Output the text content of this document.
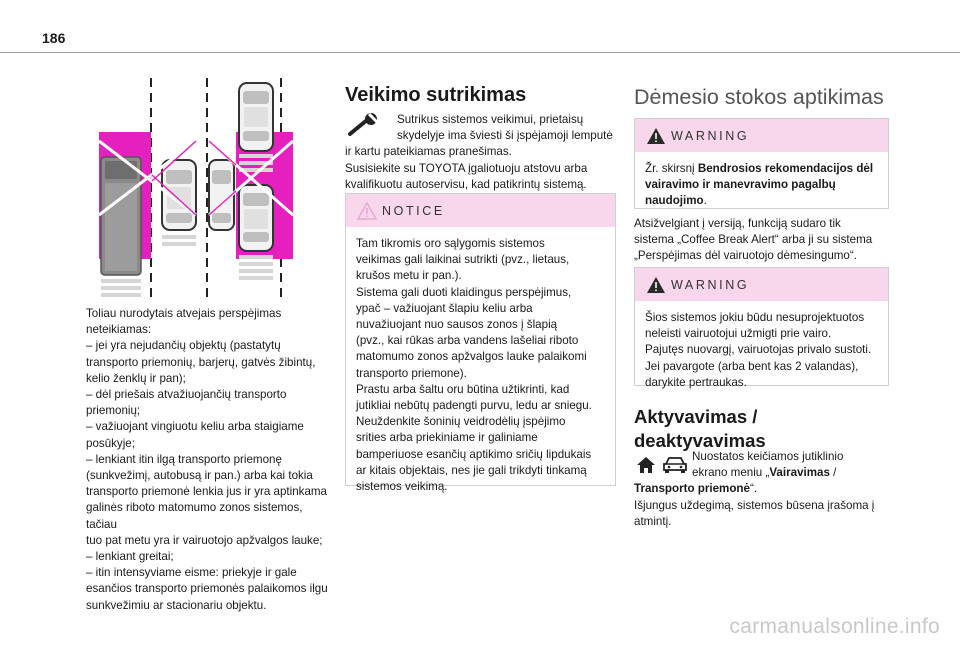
186

Toliau nurodytais atvejais perspėjimas

neteikiamas:

– jei yra nejudančių objektų (pastatytų

transporto priemonių, barjerų, gatvės žibintų,

kelio ženklų ir pan);

– dėl priešais atvažiuojančių transporto

priemonių;

– važiuojant vingiuotu keliu arba staigiame

posūkyje;

– lenkiant itin ilgą transporto priemonę

(sunkvežimį, autobusą ir pan.) arba kai tokia

transporto priemonė lenkia jus ir yra aptinkama

galinės riboto matomumo zonos sistemos, tačiau

tuo pat metu yra ir vairuotojo apžvalgos lauke;

– lenkiant greitai;

– itin intensyviame eisme: priekyje ir gale

esančios transporto priemonės palaikomos ilgu

sunkvežimiu ar stacionariu objektu.

Veikimo sutrikimas

Sutrikus sistemos veikimui, prietaisų

skydelyje ima šviesti ši įspėjamoji lemputė

ir kartu pateikiamas pranešimas.

Susisiekite su TOYOTA įgaliotuoju atstovu arba

kvalifikuotu autoservisu, kad patikrintų sistemą.

NOTICE

Tam tikromis oro sąlygomis sistemos

veikimas gali laikinai sutrikti (pvz., lietaus,

krušos metu ir pan.).

Sistema gali duoti klaidingus perspėjimus,

ypač – važiuojant šlapiu keliu arba

nuvažiuojant nuo sausos zonos į šlapią

(pvz., kai rūkas arba vandens lašeliai riboto

matomumo zonos apžvalgos lauke palaikomi

transporto priemone).

Prastu arba šaltu oru būtina užtikrinti, kad

jutikliai nebūtų padengti purvu, ledu ar sniegu.

Neuždenkite šoninių veidrodėlių įspėjimo

srities arba priekiniame ir galiniame

bamperiuose esančių aptikimo sričių lipdukais

ar kitais objektais, nes jie gali trikdyti tinkamą

sistemos veikimą.

Dėmesio stokos aptikimas
WARNING

Žr. skirsnį Bendrosios rekomendacijos dėl

vairavimo ir manevravimo pagalbų

naudojimo.

Atsižvelgiant į versiją, funkciją sudaro tik

sistema „Coffee Break Alert“ arba ji su sistema

„Perspėjimas dėl vairuotojo dėmesingumo“.

WARNING

Šios sistemos jokiu būdu nesuprojektuotos

neleisti vairuotojui užmigti prie vairo.

Pajutęs nuovargį, vairuotojas privalo sustoti.

Jei pavargote (arba bent kas 2 valandas),

darykite pertraukas.

Aktyvavimas /
deaktyvavimas

Nuostatos keičiamos jutiklinio

ekrano meniu „Vairavimas /

Transporto priemonė“.

Išjungus uždegimą, sistemos būsena įrašoma į

atmintį.

carmanualsonline.info
